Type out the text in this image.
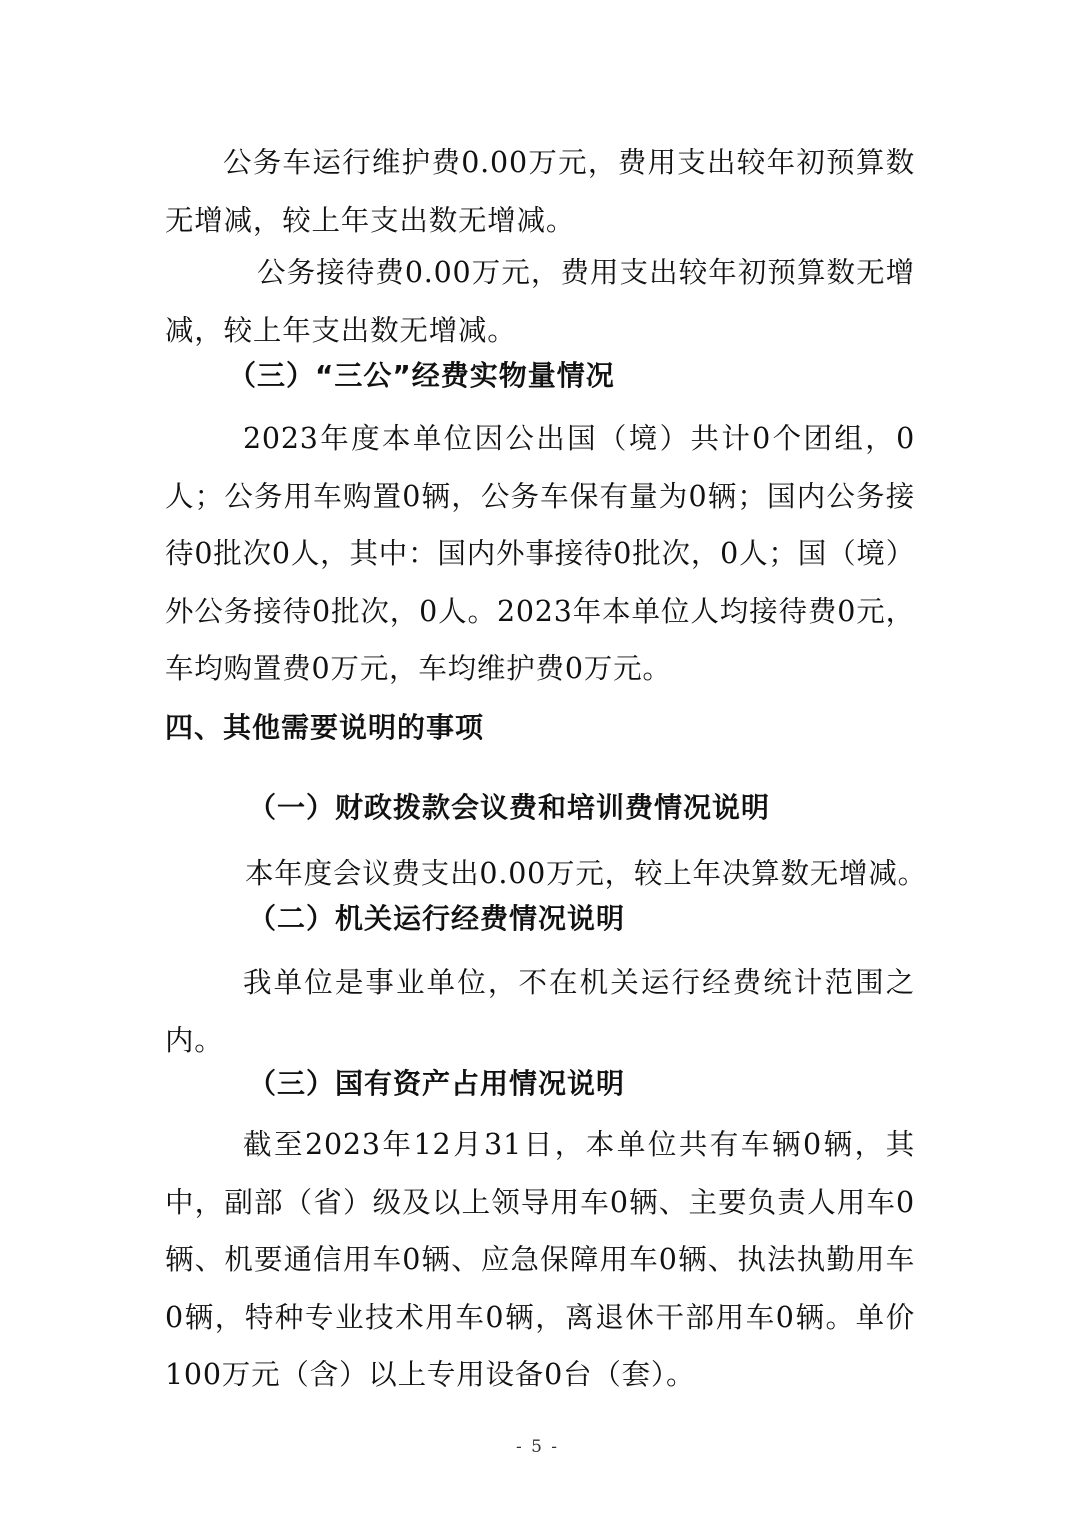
公务车运行维护费0.00万元，费用支出较年初预算数无增减，较上年支出数无增减。

公务接待费0.00万元，费用支出较年初预算数无增减，较上年支出数无增减。

（三）“三公”经费实物量情况

2023年度本单位因公出国（境）共计0个团组，0人；公务用车购置0辆，公务车保有量为0辆；国内公务接待0批次0人，其中：国内外事接待0批次，0人；国（境）外公务接待0批次，0人。2023年本单位人均接待费0元，车均购置费0万元，车均维护费0万元。

四、其他需要说明的事项
（一）财政拨款会议费和培训费情况说明

本年度会议费支出0.00万元，较上年决算数无增减。

（二）机关运行经费情况说明

我单位是事业单位，不在机关运行经费统计范围之内。

（三）国有资产占用情况说明

截至2023年12月31日，本单位共有车辆0辆，其中，副部（省）级及以上领导用车0辆、主要负责人用车0辆、机要通信用车0辆、应急保障用车0辆、执法执勤用车0辆，特种专业技术用车0辆，离退休干部用车0辆。单价100万元（含）以上专用设备0台（套）。

- 5 -
